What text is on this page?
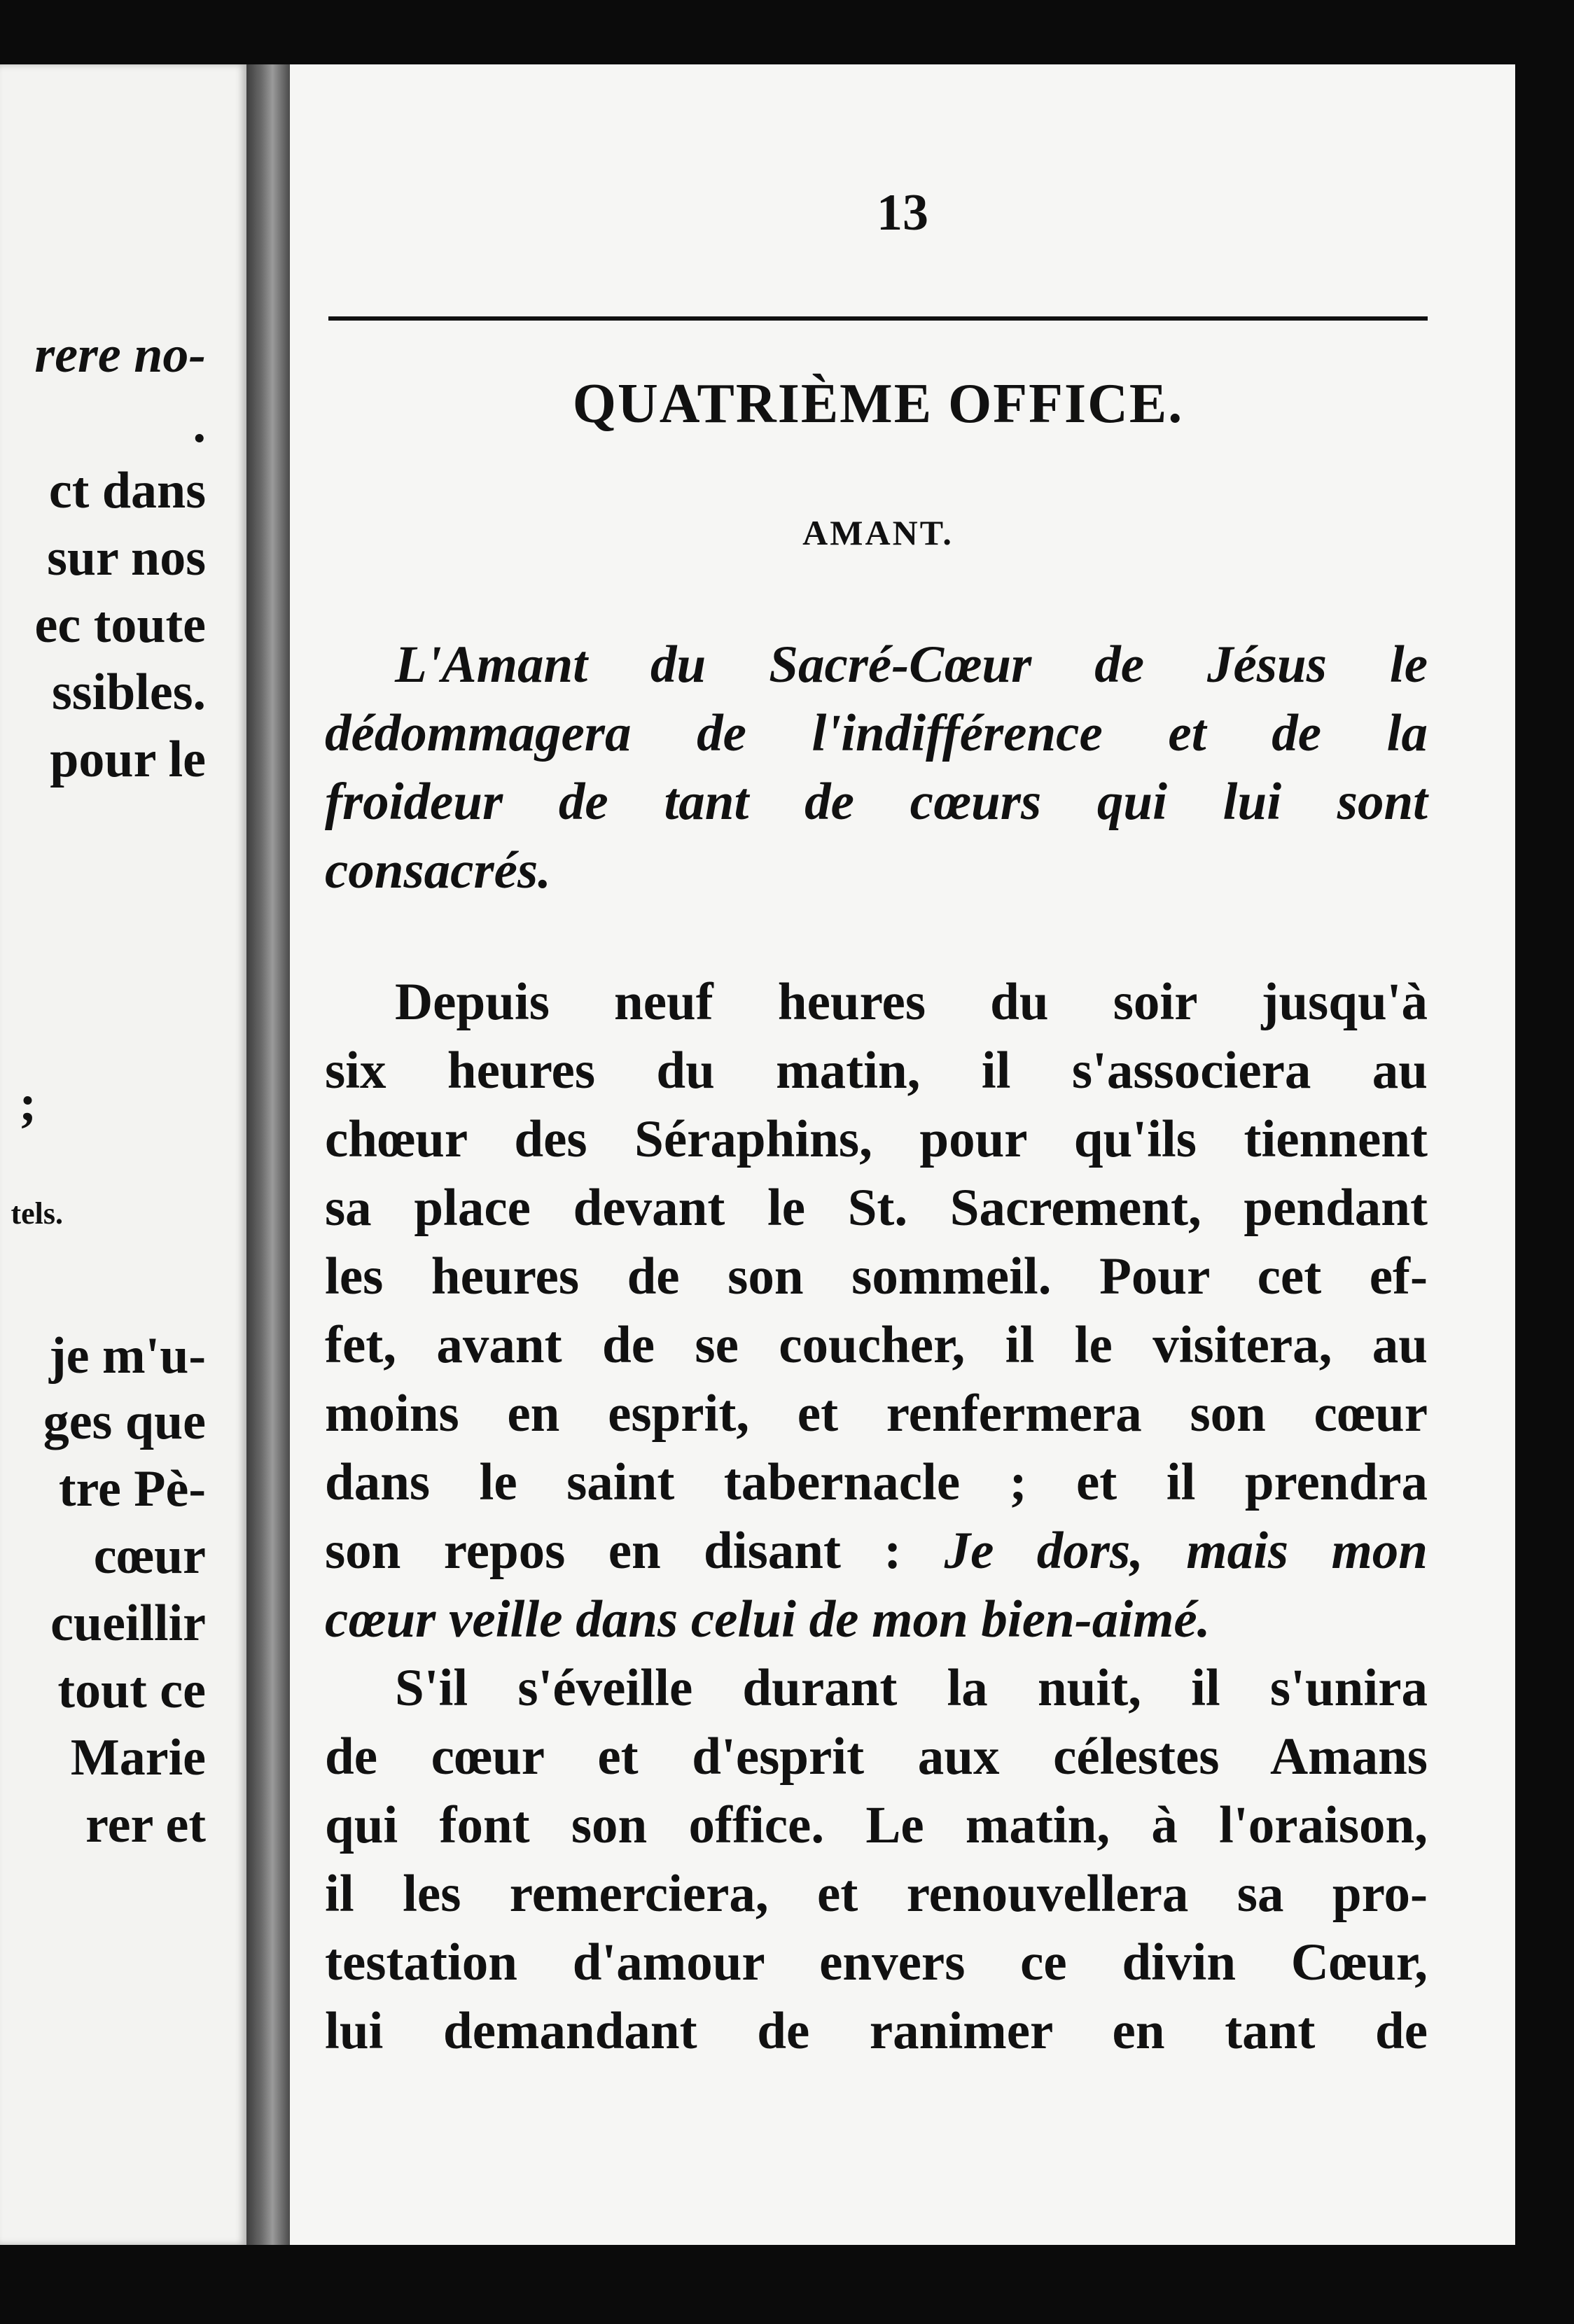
rere no-
.
ct dans
sur nos
ec toute
ssibles.
pour le
;
tels.
je m'u-
ges que
tre Pè-
cœur
cueillir
tout ce
Marie
rer et
13
QUATRIÈME OFFICE.
AMANT.
L'Amant du Sacré-Cœur de Jésus le
dédommagera de l'indifférence et de la
froideur de tant de cœurs qui lui sont
consacrés.
Depuis neuf heures du soir jusqu'à
six heures du matin, il s'associera au
chœur des Séraphins, pour qu'ils tiennent
sa place devant le St. Sacrement, pendant
les heures de son sommeil. Pour cet ef-
fet, avant de se coucher, il le visitera, au
moins en esprit, et renfermera son cœur
dans le saint tabernacle ; et il prendra
son repos en disant : Je dors, mais mon
cœur veille dans celui de mon bien-aimé.
S'il s'éveille durant la nuit, il s'unira
de cœur et d'esprit aux célestes Amans
qui font son office. Le matin, à l'oraison,
il les remerciera, et renouvellera sa pro-
testation d'amour envers ce divin Cœur,
lui demandant de ranimer en tant de
